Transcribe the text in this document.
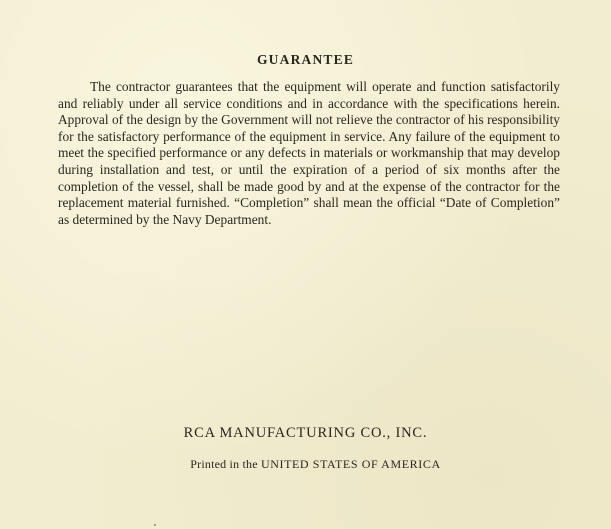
GUARANTEE

The contractor guarantees that the equipment will operate and function satisfactorily and reliably under all service conditions and in accordance with the specifications herein. Approval of the design by the Government will not relieve the contractor of his responsibility for the satisfactory performance of the equipment in service. Any failure of the equipment to meet the specified performance or any defects in materials or workmanship that may develop during installation and test, or until the expiration of a period of six months after the completion of the vessel, shall be made good by and at the expense of the contractor for the replacement material furnished. “Completion” shall mean the official “Date of Completion” as determined by the Navy Department.

RCA MANUFACTURING CO., INC.
Printed in the UNITED STATES OF AMERICA
